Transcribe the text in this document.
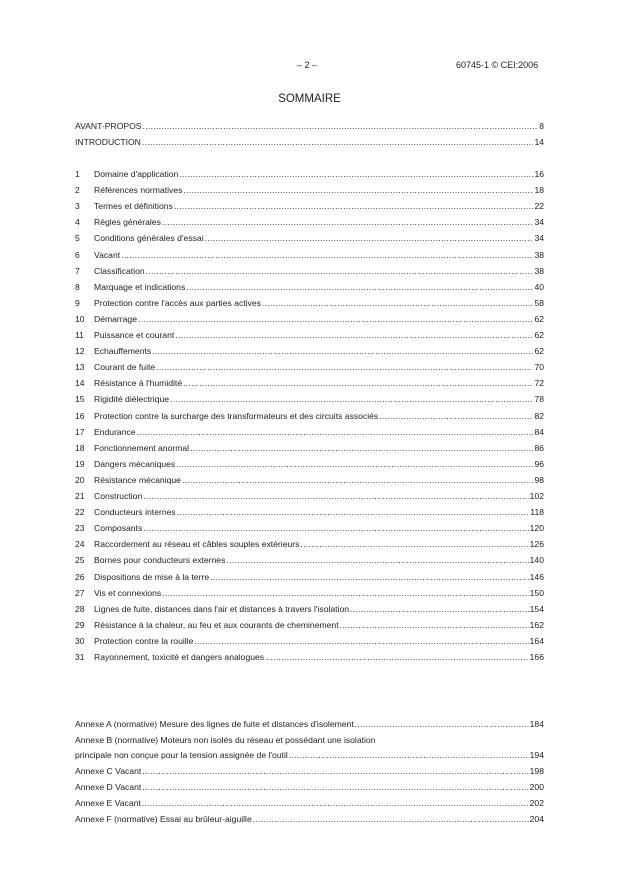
– 2 –	60745-1 © CEI:2006
SOMMAIRE
AVANT-PROPOS .....	8
INTRODUCTION .....	14
1	Domaine d'application .....	16
2	Références normatives .....	18
3	Termes et définitions .....	22
4	Règles générales .....	34
5	Conditions générales d'essai .....	34
6	Vacant .....	38
7	Classification .....	38
8	Marquage et indications .....	40
9	Protection contre l'accès aux parties actives .....	58
10	Démarrage .....	62
11	Puissance et courant .....	62
12	Echauffements .....	62
13	Courant de fuite .....	70
14	Résistance à l'humidité .....	72
15	Rigidité diélectrique .....	78
16	Protection contre la surcharge des transformateurs et des circuits associés .....	82
17	Endurance .....	84
18	Fonctionnement anormal .....	86
19	Dangers mécaniques .....	96
20	Résistance mécanique .....	98
21	Construction .....	102
22	Conducteurs internes .....	118
23	Composants .....	120
24	Raccordement au réseau et câbles souples extérieurs .....	126
25	Bornes pour conducteurs externes .....	140
26	Dispositions de mise à la terre .....	146
27	Vis et connexions .....	150
28	Lignes de fuite, distances dans l'air et distances à travers l'isolation .....	154
29	Résistance à la chaleur, au feu et aux courants de cheminement .....	162
30	Protection contre la rouille .....	164
31	Rayonnement, toxicité et dangers analogues .....	166
Annexe A (normative) Mesure des lignes de fuite et distances d'isolement .....	184
Annexe B (normative) Moteurs non isolés du réseau et possédant une isolation
principale non conçue pour la tension assignée de l'outil .....	194
Annexe C Vacant .....	198
Annexe D Vacant .....	200
Annexe E Vacant .....	202
Annexe F (normative) Essai au brûleur-aiguille .....	204
